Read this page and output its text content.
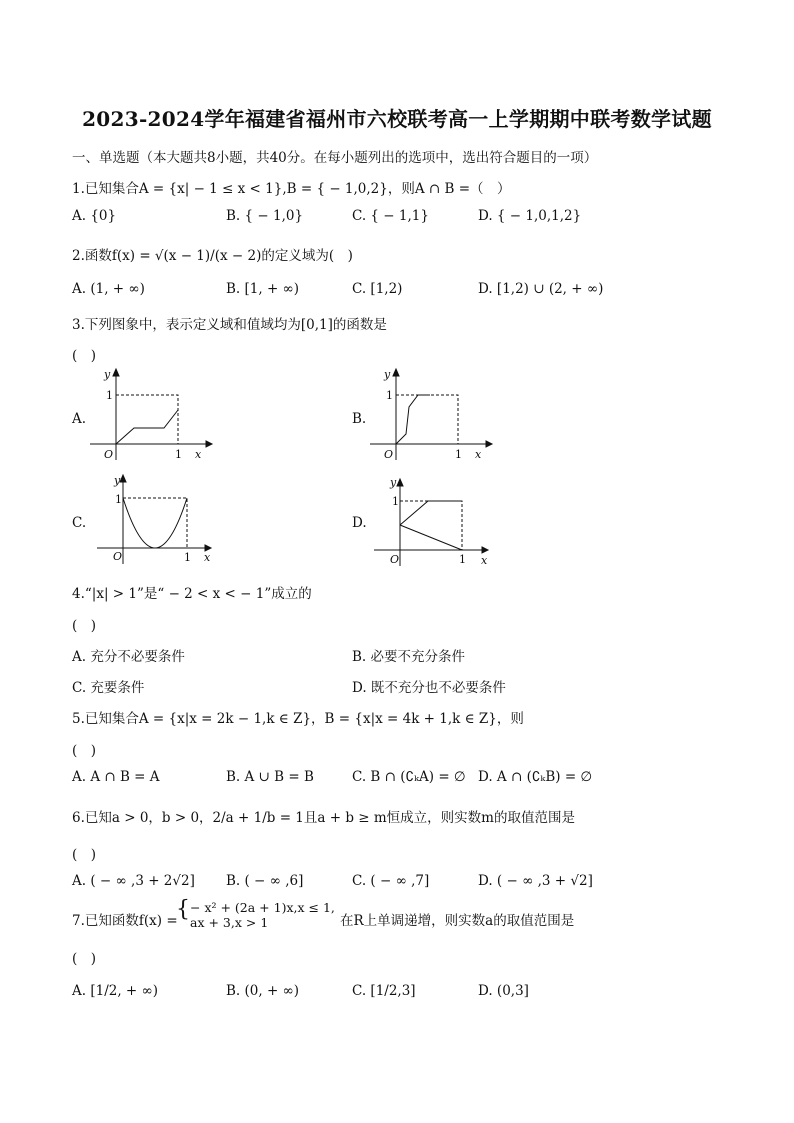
2023-2024学年福建省福州市六校联考高一上学期期中联考数学试题
一、单选题（本大题共8小题，共40分。在每小题列出的选项中，选出符合题目的一项）
1.已知集合A = {x| − 1 ≤ x < 1},B = { − 1,0,2}，则A ∩ B =（　）
A. {0}	B. { − 1,0}	C. { − 1,1}	D. { − 1,0,1,2}
2.函数f(x) = √(x − 1)/(x − 2)的定义域为(　)
A. (1, + ∞)	B. [1, + ∞)	C. [1,2)	D. [1,2) ∪ (2, + ∞)
3.下列图象中，表示定义域和值域均为[0,1]的函数是
(　)
A.	B.
C.	D.
y
1
O	1 x
y
1
O	1 x
y
1
O	1 x
y
1
O	1 x
4.“|x| > 1”是“ − 2 < x < − 1”成立的
(　)
A. 充分不必要条件	B. 必要不充分条件
C. 充要条件	D. 既不充分也不必要条件
5.已知集合A = {x|x = 2k − 1,k ∈ Z}，B = {x|x = 4k + 1,k ∈ Z}，则
(　)
A. A ∩ B = A	B. A ∪ B = B	C. B ∩ (∁ₖA) = ∅ D. A ∩ (∁ₖB) = ∅
6.已知a > 0，b > 0，2/a + 1/b = 1且a + b ≥ m恒成立，则实数m的取值范围是
(　)
A. ( − ∞ ,3 + 2√2] B. ( − ∞ ,6]	C. ( − ∞ ,7]	D. ( − ∞ ,3 + √2]
7.已知函数f(x) =
{ − x² + (2a + 1)x,x ≤ 1,
ax + 3,x > 1	在R上单调递增，则实数a的取值范围是
(　)
A. [1/2, + ∞)	B. (0, + ∞)	C. [1/2,3]	D. (0,3]
